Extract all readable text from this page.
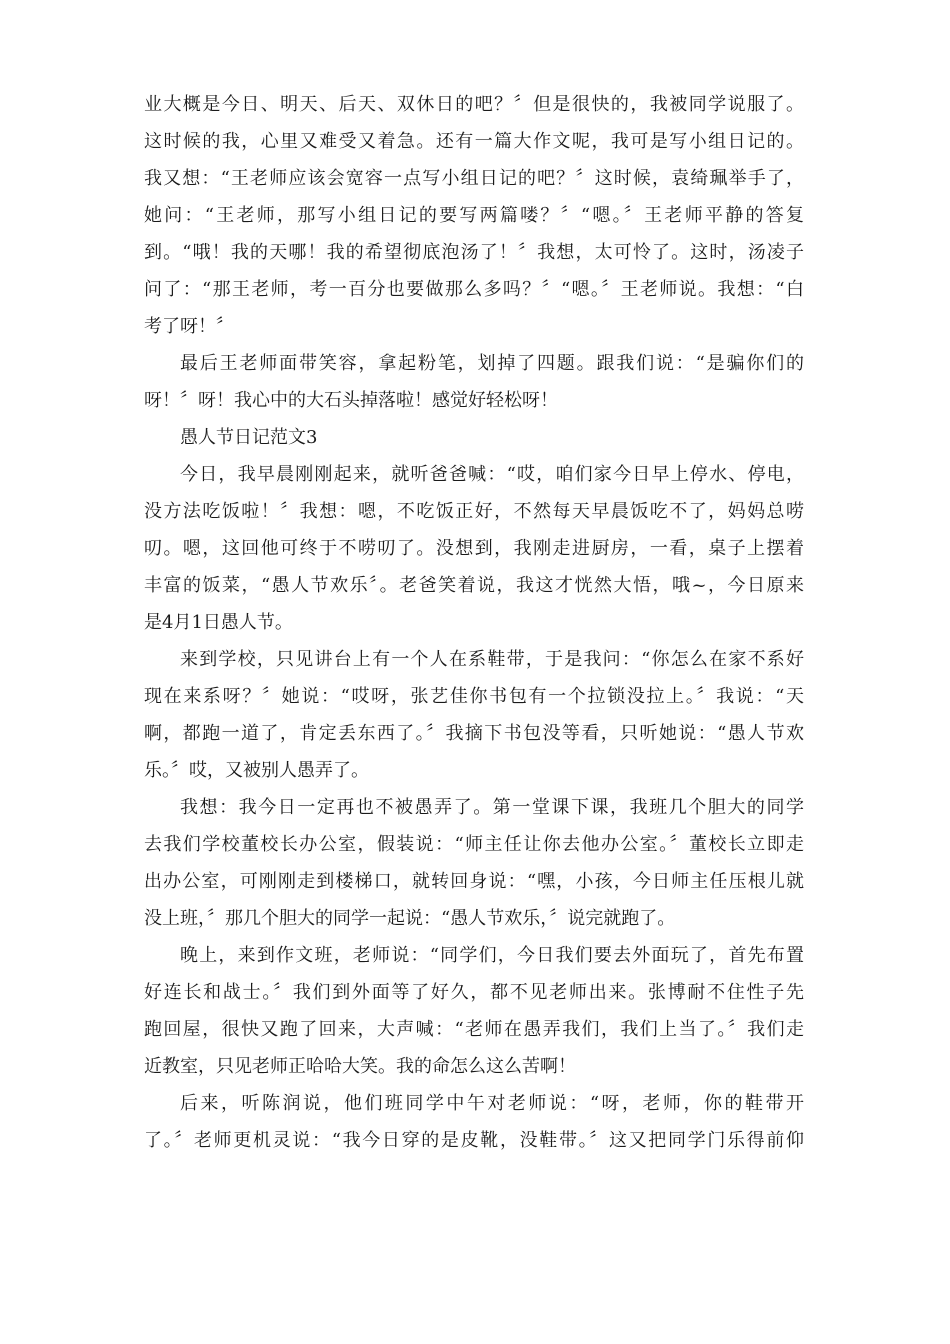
业大概是今日、明天、后天、双休日的吧？〞但是很快的，我被同学说服了。
这时候的我，心里又难受又着急。还有一篇大作文呢，我可是写小组日记的。
我又想：“王老师应该会宽容一点写小组日记的吧？〞这时候，袁绮珮举手了，
她问：“王老师，那写小组日记的要写两篇喽？〞“嗯。〞王老师平静的答复
到。“哦！我的天哪！我的希望彻底泡汤了！〞我想，太可怜了。这时，汤凌子
问了：“那王老师，考一百分也要做那么多吗？〞“嗯。〞王老师说。我想：“白
考了呀！〞
最后王老师面带笑容，拿起粉笔，划掉了四题。跟我们说：“是骗你们的
呀！〞呀！我心中的大石头掉落啦！感觉好轻松呀！
愚人节日记范文3
今日，我早晨刚刚起来，就听爸爸喊：“哎，咱们家今日早上停水、停电，
没方法吃饭啦！〞我想：嗯，不吃饭正好，不然每天早晨饭吃不了，妈妈总唠
叨。嗯，这回他可终于不唠叨了。没想到，我刚走进厨房，一看，桌子上摆着
丰富的饭菜，“愚人节欢乐〞。老爸笑着说，我这才恍然大悟，哦~，今日原来
是4月1日愚人节。
来到学校，只见讲台上有一个人在系鞋带，于是我问：“你怎么在家不系好
现在来系呀？〞她说：“哎呀，张艺佳你书包有一个拉锁没拉上。〞我说：“天
啊，都跑一道了，肯定丢东西了。〞我摘下书包没等看，只听她说：“愚人节欢
乐。〞哎，又被别人愚弄了。
我想：我今日一定再也不被愚弄了。第一堂课下课，我班几个胆大的同学
去我们学校董校长办公室，假装说：“师主任让你去他办公室。〞董校长立即走
出办公室，可刚刚走到楼梯口，就转回身说：“嘿，小孩，今日师主任压根儿就
没上班，〞那几个胆大的同学一起说：“愚人节欢乐，〞说完就跑了。
晚上，来到作文班，老师说：“同学们，今日我们要去外面玩了，首先布置
好连长和战士。〞我们到外面等了好久，都不见老师出来。张博耐不住性子先
跑回屋，很快又跑了回来，大声喊：“老师在愚弄我们，我们上当了。〞我们走
近教室，只见老师正哈哈大笑。我的命怎么这么苦啊！
后来，听陈润说，他们班同学中午对老师说：“呀，老师，你的鞋带开
了。〞老师更机灵说：“我今日穿的是皮靴，没鞋带。〞这又把同学门乐得前仰
